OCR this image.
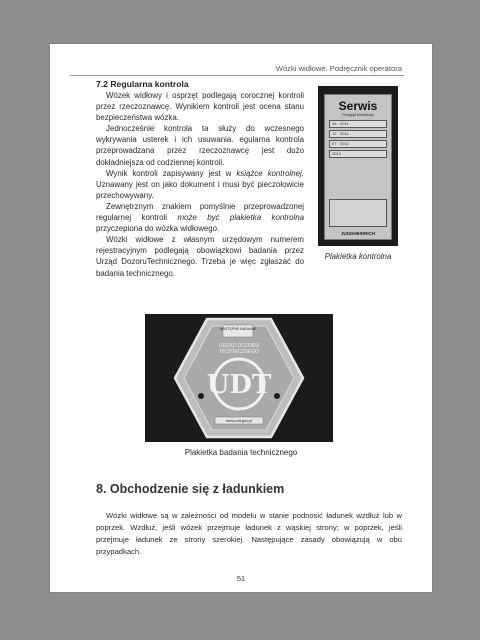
Wózki widłowe. Podręcznik operatora
7.2 Regularna kontrola

Wózek widłowy i osprzęt podlegają corocznej kontroli przez rzeczoznawcę. Wynikiem kontroli jest ocena stanu bezpieczeństwa wózka.

Jednocześnie kontrola ta służy do wczesnego wykrywania usterek i ich usuwania. egularna kontrola przeprowadzana przez rzeczoznawcę jest dużo dokładniejsza od codziennej kontroli.

Wynik kontroli zapisywany jest w książce kontrolnej. Uznawany jest on jako dokument i musi być pieczołowicie przechowywany.

Zewnętrznym znakiem pomyślnie przeprowadzonej regularnej kontroli może być plakietka kontrolna przyczepiona do wózka widłowego.

Wózki widłowe z własnym urzędowym numerem rejestracyjnym podlegają obowiązkowi badania przez Urząd DozoruTechnicznego. Trzeba je więc zgłaszać do badania technicznego.

Serwis
Przegląd techniczny
05 · 2011
12 · 2011
07 · 2012
2013
JUNGHEINRICH
Plakietka kontrolna
NASTĘPNE BADANIE
URZĄD DOZORU
TECHNICZNEGO
UDT
www.udt.gov.pl
Plakietka badania technicznego
8. Obchodzenie się z ładunkiem

Wózki widłowe są w zależności od modelu w stanie podnosić ładunek wzdłuż lub w poprzek. Wzdłuż, jeśli wózek przejmuje ładunek z wąskiej strony; w poprzek, jeśli przejmuje ładunek ze strony szerokiej. Następujące zasady obowiązują w obu przypadkach.

51
